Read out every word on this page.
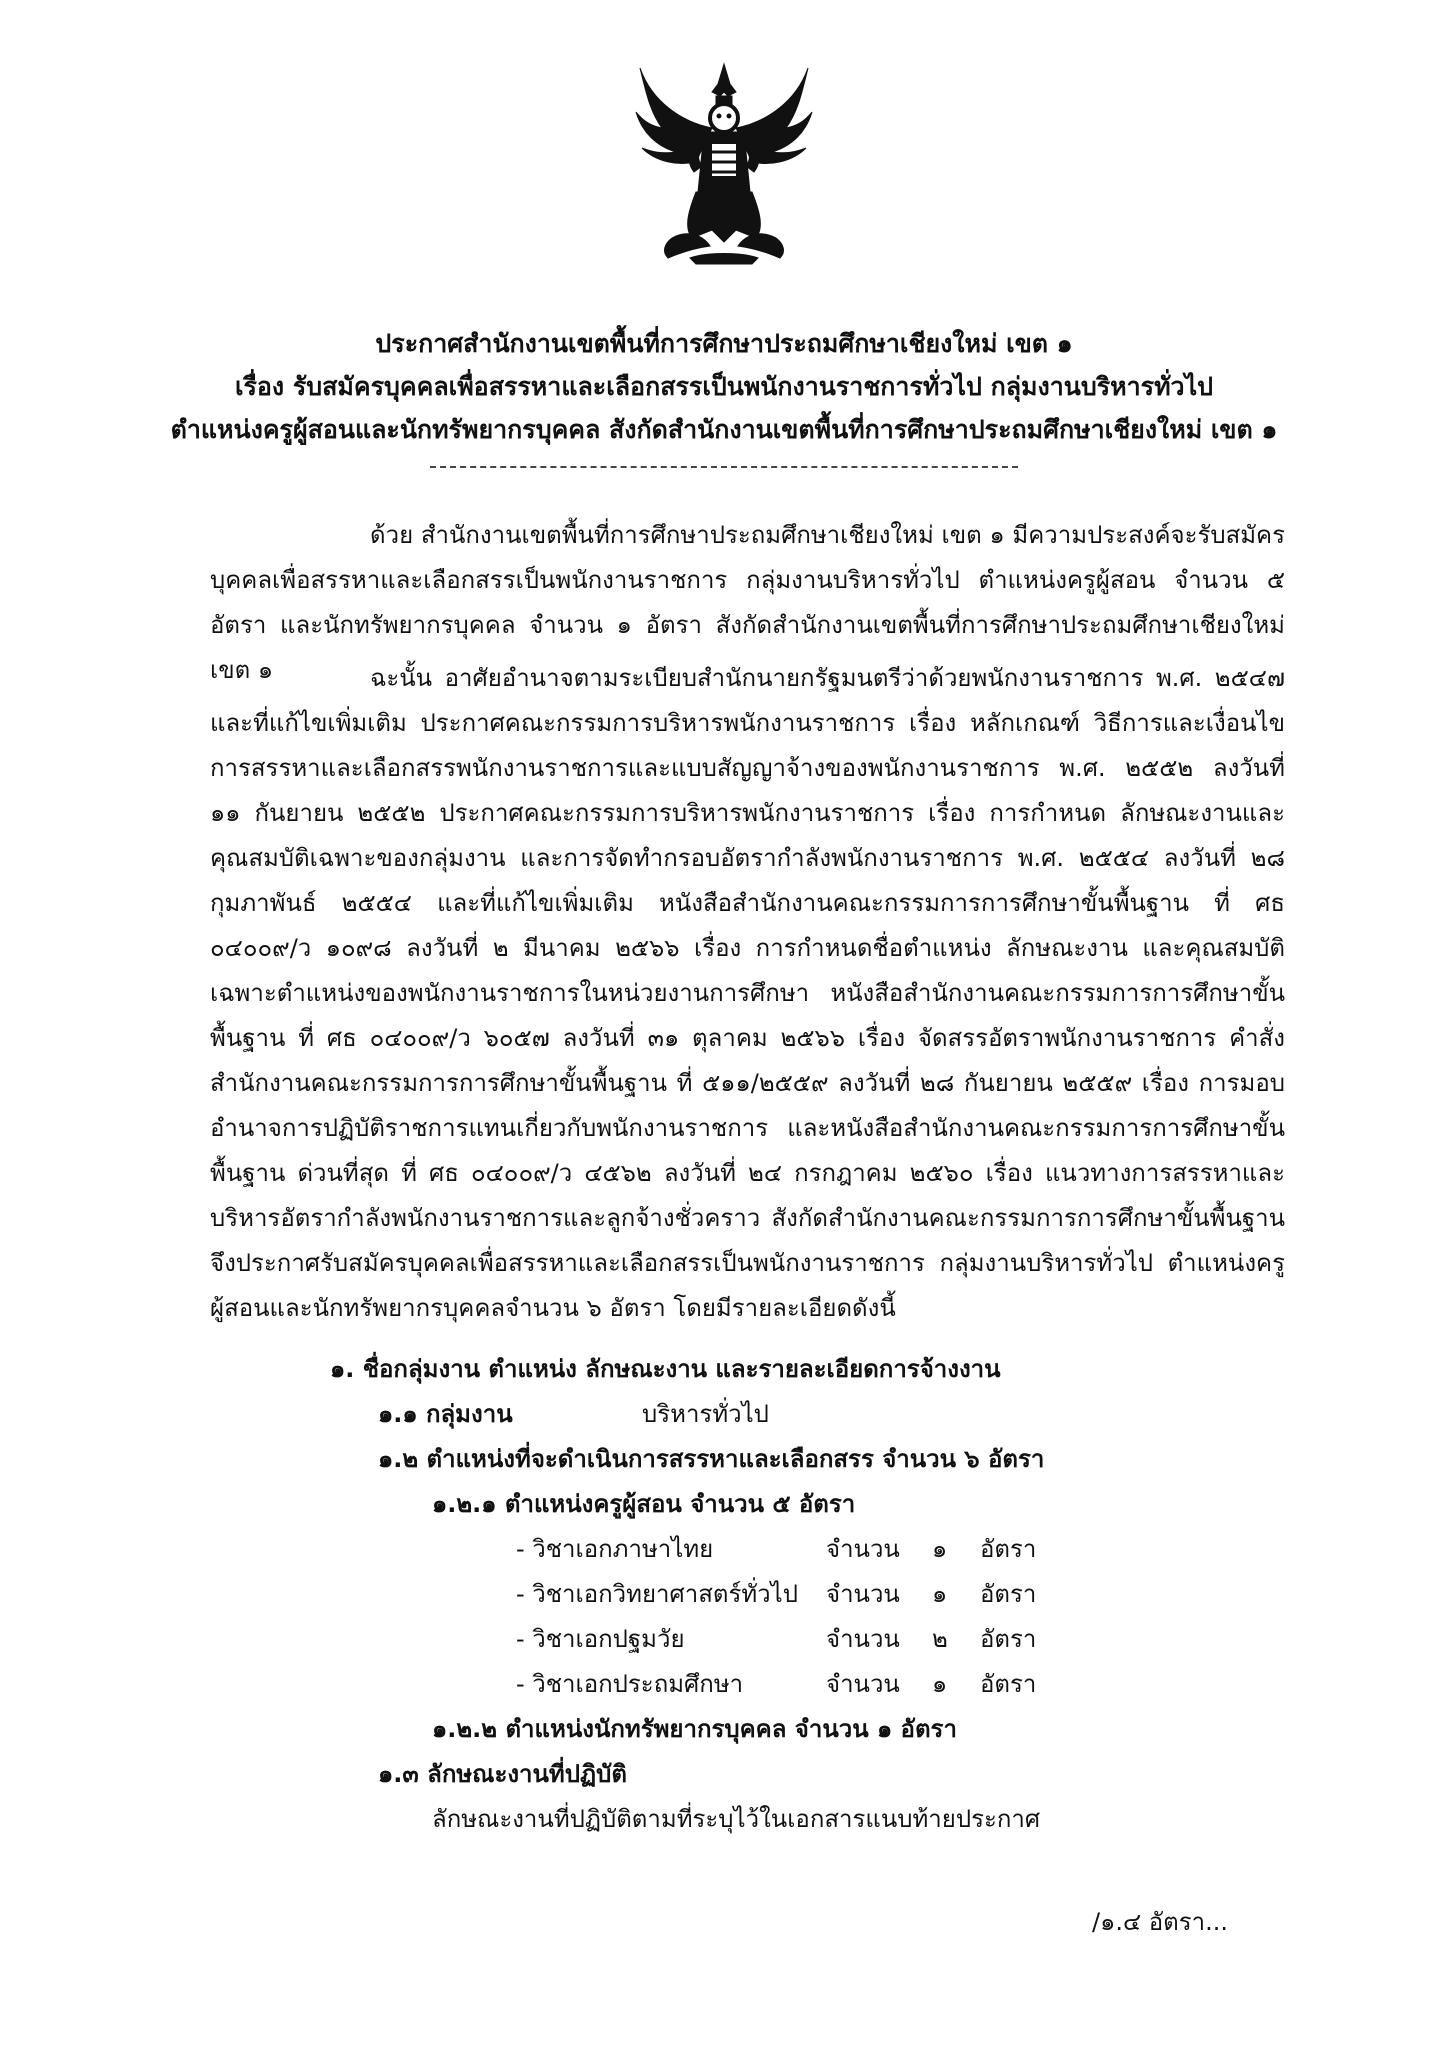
ประกาศสำนักงานเขตพื้นที่การศึกษาประถมศึกษาเชียงใหม่ เขต ๑
เรื่อง รับสมัครบุคคลเพื่อสรรหาและเลือกสรรเป็นพนักงานราชการทั่วไป กลุ่มงานบริหารทั่วไป
ตำแหน่งครูผู้สอนและนักทรัพยากรบุคคล สังกัดสำนักงานเขตพื้นที่การศึกษาประถมศึกษาเชียงใหม่ เขต ๑
ด้วย สำนักงานเขตพื้นที่การศึกษาประถมศึกษาเชียงใหม่ เขต ๑ มีความประสงค์จะรับสมัครบุคคลเพื่อสรรหาและเลือกสรรเป็นพนักงานราชการ กลุ่มงานบริหารทั่วไป ตำแหน่งครูผู้สอน จำนวน ๕ อัตรา และนักทรัพยากรบุคคล จำนวน ๑ อัตรา สังกัดสำนักงานเขตพื้นที่การศึกษาประถมศึกษาเชียงใหม่ เขต ๑	ฉะนั้น อาศัยอำนาจตามระเบียบสำนักนายกรัฐมนตรีว่าด้วยพนักงานราชการ พ.ศ. ๒๕๔๗ และที่แก้ไขเพิ่มเติม ประกาศคณะกรรมการบริหารพนักงานราชการ เรื่อง หลักเกณฑ์ วิธีการและเงื่อนไขการสรรหาและเลือกสรรพนักงานราชการและแบบสัญญาจ้างของพนักงานราชการ พ.ศ. ๒๕๕๒ ลงวันที่ ๑๑ กันยายน ๒๕๕๒ ประกาศคณะกรรมการบริหารพนักงานราชการ เรื่อง การกำหนด ลักษณะงานและคุณสมบัติเฉพาะของกลุ่มงาน และการจัดทำกรอบอัตรากำลังพนักงานราชการ พ.ศ. ๒๕๕๔ ลงวันที่ ๒๘ กุมภาพันธ์ ๒๕๕๔ และที่แก้ไขเพิ่มเติม หนังสือสำนักงานคณะกรรมการการศึกษาขั้นพื้นฐาน ที่ ศธ ๐๔๐๐๙/ว ๑๐๙๘ ลงวันที่ ๒ มีนาคม ๒๕๖๖ เรื่อง การกำหนดชื่อตำแหน่ง ลักษณะงาน และคุณสมบัติเฉพาะตำแหน่งของพนักงานราชการในหน่วยงานการศึกษา หนังสือสำนักงานคณะกรรมการการศึกษาขั้นพื้นฐาน ที่ ศธ ๐๔๐๐๙/ว ๖๐๕๗ ลงวันที่ ๓๑ ตุลาคม ๒๕๖๖ เรื่อง จัดสรรอัตราพนักงานราชการ คำสั่งสำนักงานคณะกรรมการการศึกษาขั้นพื้นฐาน ที่ ๕๑๑/๒๕๕๙ ลงวันที่ ๒๘ กันยายน ๒๕๕๙ เรื่อง การมอบอำนาจการปฏิบัติราชการแทนเกี่ยวกับพนักงานราชการ และหนังสือสำนักงานคณะกรรมการการศึกษาขั้นพื้นฐาน ด่วนที่สุด ที่ ศธ ๐๔๐๐๙/ว ๔๕๖๒ ลงวันที่ ๒๔ กรกฎาคม ๒๕๖๐ เรื่อง แนวทางการสรรหาและบริหารอัตรากำลังพนักงานราชการและลูกจ้างชั่วคราว สังกัดสำนักงานคณะกรรมการการศึกษาขั้นพื้นฐาน จึงประกาศรับสมัครบุคคลเพื่อสรรหาและเลือกสรรเป็นพนักงานราชการ กลุ่มงานบริหารทั่วไป ตำแหน่งครูผู้สอนและนักทรัพยากรบุคคลจำนวน ๖ อัตรา โดยมีรายละเอียดดังนี้
๑. ชื่อกลุ่มงาน ตำแหน่ง ลักษณะงาน และรายละเอียดการจ้างงาน
๑.๑ กลุ่มงาน	บริหารทั่วไป
๑.๒ ตำแหน่งที่จะดำเนินการสรรหาและเลือกสรร จำนวน ๖ อัตรา
๑.๒.๑ ตำแหน่งครูผู้สอน จำนวน ๕ อัตรา
- วิชาเอกภาษาไทย	จำนวน ๑ อัตรา
- วิชาเอกวิทยาศาสตร์ทั่วไป จำนวน ๑ อัตรา
- วิชาเอกปฐมวัย	จำนวน ๒ อัตรา
- วิชาเอกประถมศึกษา	จำนวน ๑ อัตรา
๑.๒.๒ ตำแหน่งนักทรัพยากรบุคคล จำนวน ๑ อัตรา
๑.๓ ลักษณะงานที่ปฏิบัติ
ลักษณะงานที่ปฏิบัติตามที่ระบุไว้ในเอกสารแนบท้ายประกาศ
/๑.๔ อัตรา...
